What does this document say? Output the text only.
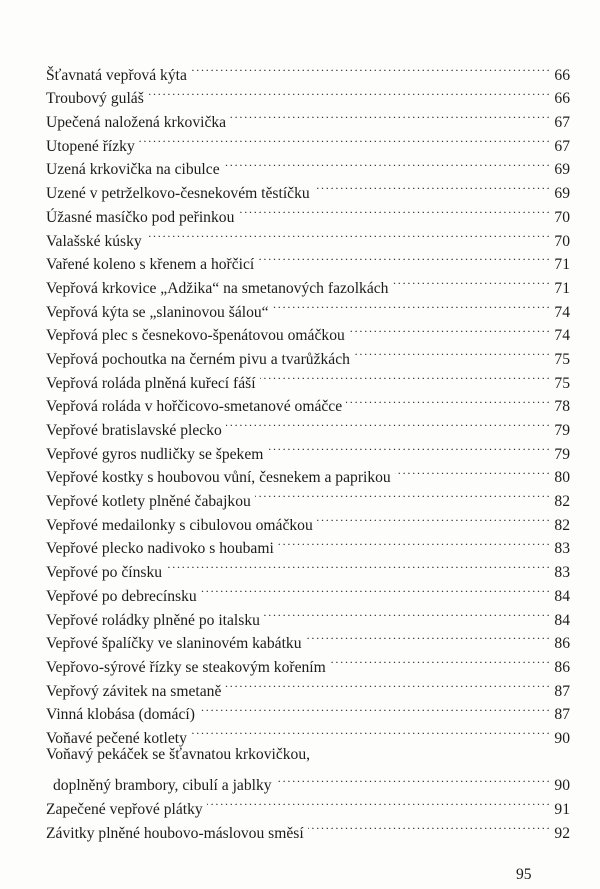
Šťavnatá vepřová kýta . . .	66
Troubový guláš . . .	66
Upečená naložená krkovička . . .	67
Utopené řízky . . .	67
Uzená krkovička na cibulce . . .	69
Uzené v petrželkovo-česnekovém těstíčku . . .	69
Úžasné masíčko pod peřinkou . . .	70
Valašské kúsky . . .	70
Vařené koleno s křenem a hořčicí . . .	71
Vepřová krkovice „Adžika“ na smetanových fazolkách . . .	71
Vepřová kýta se „slaninovou šálou“ . . .	74
Vepřová plec s česnekovo-špenátovou omáčkou . . .	74
Vepřová pochoutka na černém pivu a tvarůžkách . . .	75
Vepřová roláda plněná kuřecí fáší . . .	75
Vepřová roláda v hořčicovo-smetanové omáčce . . .	78
Vepřové bratislavské plecko . . .	79
Vepřové gyros nudličky se špekem . . .	79
Vepřové kostky s houbovou vůní, česnekem a paprikou . . .	80
Vepřové kotlety plněné čabajkou . . .	82
Vepřové medailonky s cibulovou omáčkou . . .	82
Vepřové plecko nadivoko s houbami . . .	83
Vepřové po čínsku . . .	83
Vepřové po debrecínsku . . .	84
Vepřové roládky plněné po italsku . . .	84
Vepřové špalíčky ve slaninovém kabátku . . .	86
Vepřovo-sýrové řízky se steakovým kořením . . .	86
Vepřový závitek na smetaně . . .	87
Vinná klobása (domácí) . . .	87
Voňavé pečené kotlety . . .	90
Voňavý pekáček se šťavnatou krkovičkou,
doplněný brambory, cibulí a jablky . . .	90
Zapečené vepřové plátky . . .	91
Závitky plněné houbovo-máslovou směsí . . .	92
95
